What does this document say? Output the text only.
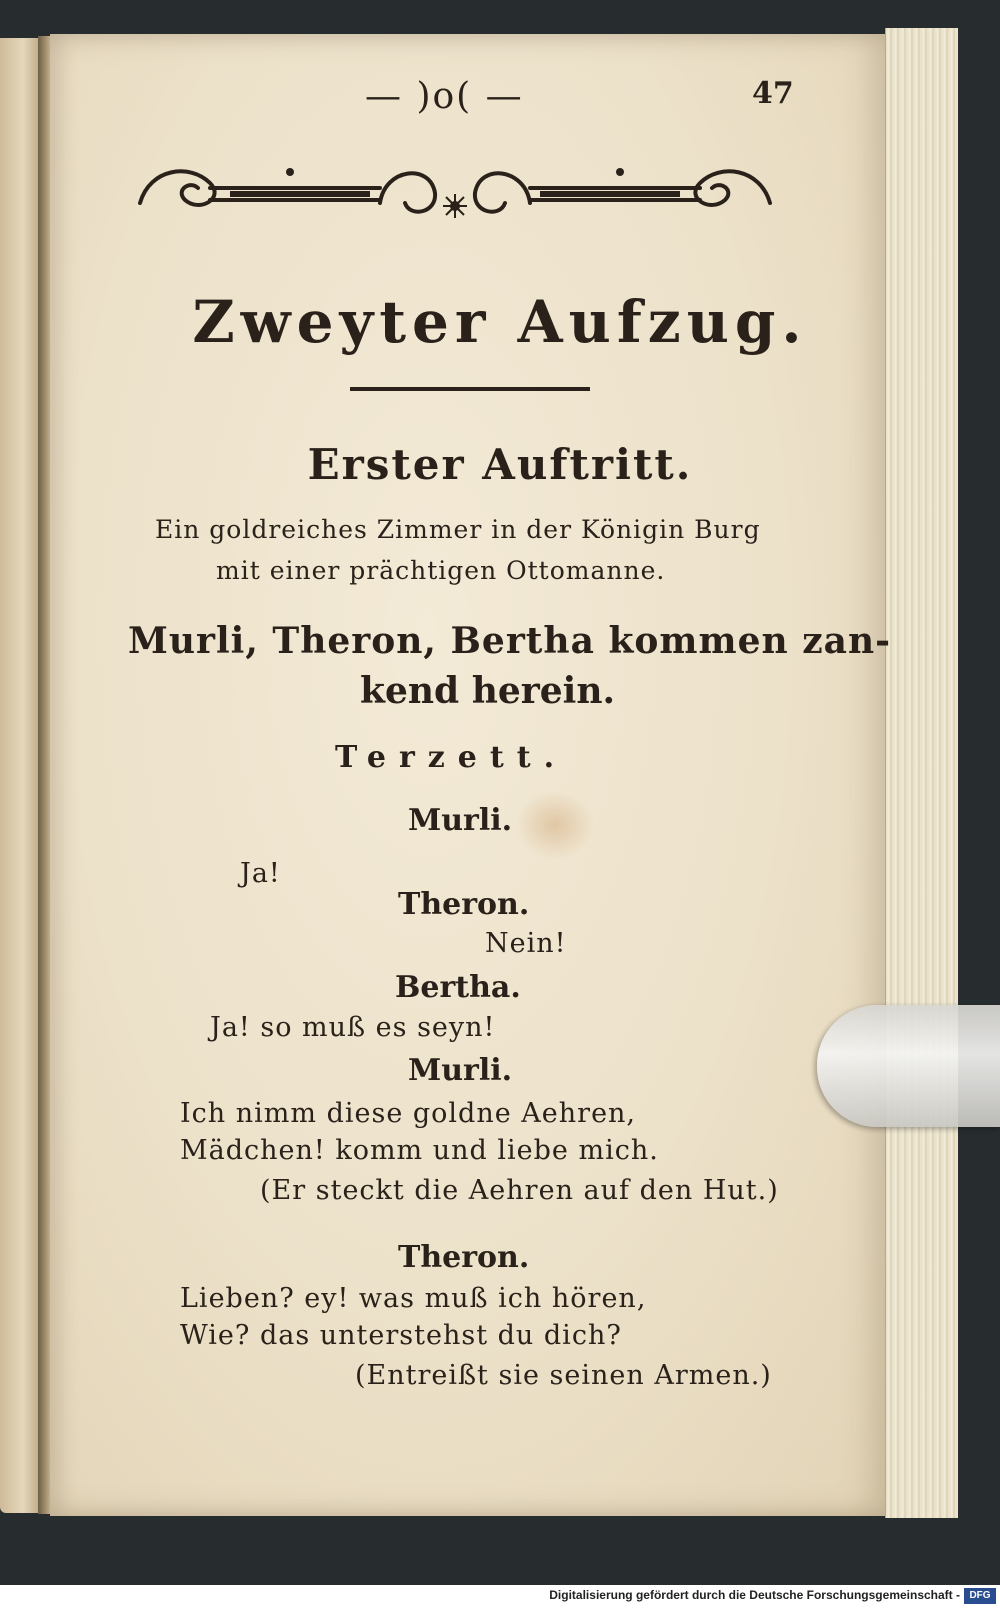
— )o( —	47
Zweyter Aufzug.
Erster Auftritt.
Ein goldreiches Zimmer in der Königin Burg
mit einer prächtigen Ottomanne.
Murli, Theron, Bertha kommen zan-
kend herein.
Terzett.
Murli.
Ja!
Theron.
Nein!
Bertha.
Ja! so muß es seyn!
Murli.
Ich nimm diese goldne Aehren,
Mädchen! komm und liebe mich.
(Er steckt die Aehren auf den Hut.)
Theron.
Lieben? ey! was muß ich hören,
Wie? das unterstehst du dich?
(Entreißt sie seinen Armen.)
Digitalisierung gefördert durch die Deutsche Forschungsgemeinschaft - DFG
